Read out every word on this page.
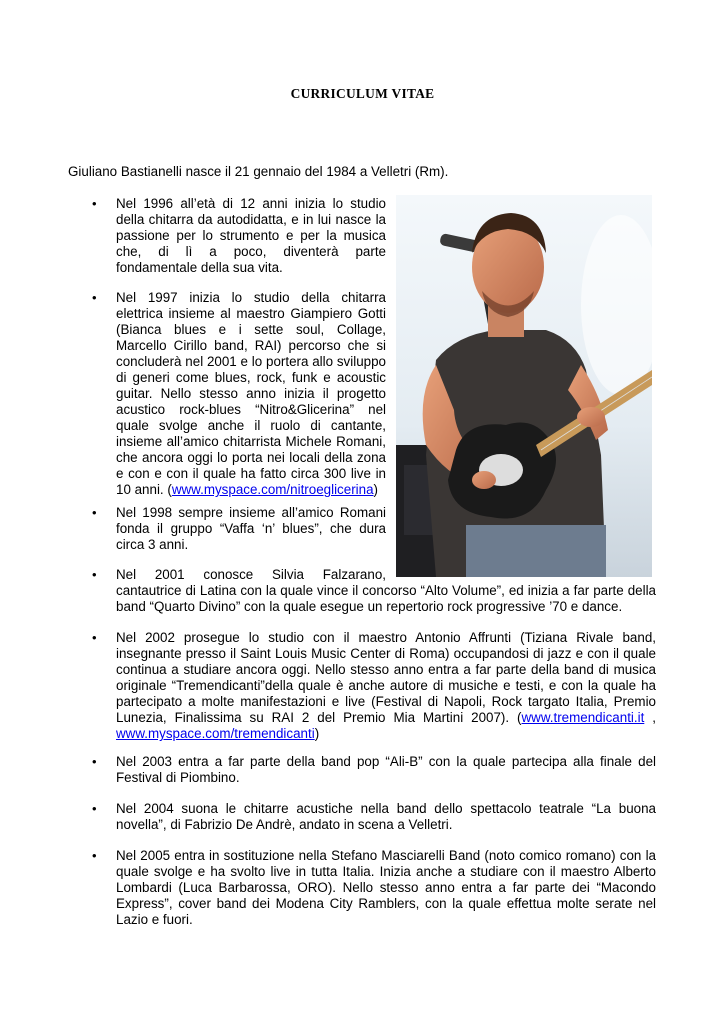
CURRICULUM VITAE
Giuliano Bastianelli nasce il 21 gennaio del 1984 a Velletri (Rm).
•	Nel 1996 all’età di 12 anni inizia lo studio della chitarra da autodidatta, e in lui nasce la passione per lo strumento e per la musica che, di lì a poco, diventerà parte fondamentale della sua vita.
•	Nel 1997 inizia lo studio della chitarra elettrica insieme al maestro Giampiero Gotti (Bianca blues e i sette soul, Collage, Marcello Cirillo band, RAI) percorso che si concluderà nel 2001 e lo portera allo sviluppo di generi come blues, rock, funk e acoustic guitar. Nello stesso anno inizia il progetto acustico rock-blues “Nitro&Glicerina” nel quale svolge anche il ruolo di cantante, insieme all’amico chitarrista Michele Romani, che ancora oggi lo porta nei locali della zona e con e con il quale ha fatto circa 300 live in 10 anni. (www.myspace.com/nitroeglicerina)
•	Nel 1998 sempre insieme all’amico Romani fonda il gruppo “Vaffa ‘n’ blues”, che dura circa 3 anni.
•	Nel 2001 conosce Silvia Falzarano,
cantautrice di Latina con la quale vince il concorso “Alto Volume”, ed inizia a far parte della band “Quarto Divino” con la quale esegue un repertorio rock progressive ’70 e dance.
•	Nel 2002 prosegue lo studio con il maestro Antonio Affrunti (Tiziana Rivale band, insegnante presso il Saint Louis Music Center di Roma) occupandosi di jazz e con il quale continua a studiare ancora oggi. Nello stesso anno entra a far parte della band di musica originale “Tremendicanti”della quale è anche autore di musiche e testi, e con la quale ha partecipato a molte manifestazioni e live (Festival di Napoli, Rock targato Italia, Premio Lunezia, Finalissima su RAI 2 del Premio Mia Martini 2007). (www.tremendicanti.it , www.myspace.com/tremendicanti)
•	Nel 2003 entra a far parte della band pop “Ali-B” con la quale partecipa alla finale del Festival di Piombino.
•	Nel 2004 suona le chitarre acustiche nella band dello spettacolo teatrale “La buona novella”, di Fabrizio De Andrè, andato in scena a Velletri.
•	Nel 2005 entra in sostituzione nella Stefano Masciarelli Band (noto comico romano) con la quale svolge e ha svolto live in tutta Italia. Inizia anche a studiare con il maestro Alberto Lombardi (Luca Barbarossa, ORO). Nello stesso anno entra a far parte dei “Macondo Express”, cover band dei Modena City Ramblers, con la quale effettua molte serate nel Lazio e fuori.
